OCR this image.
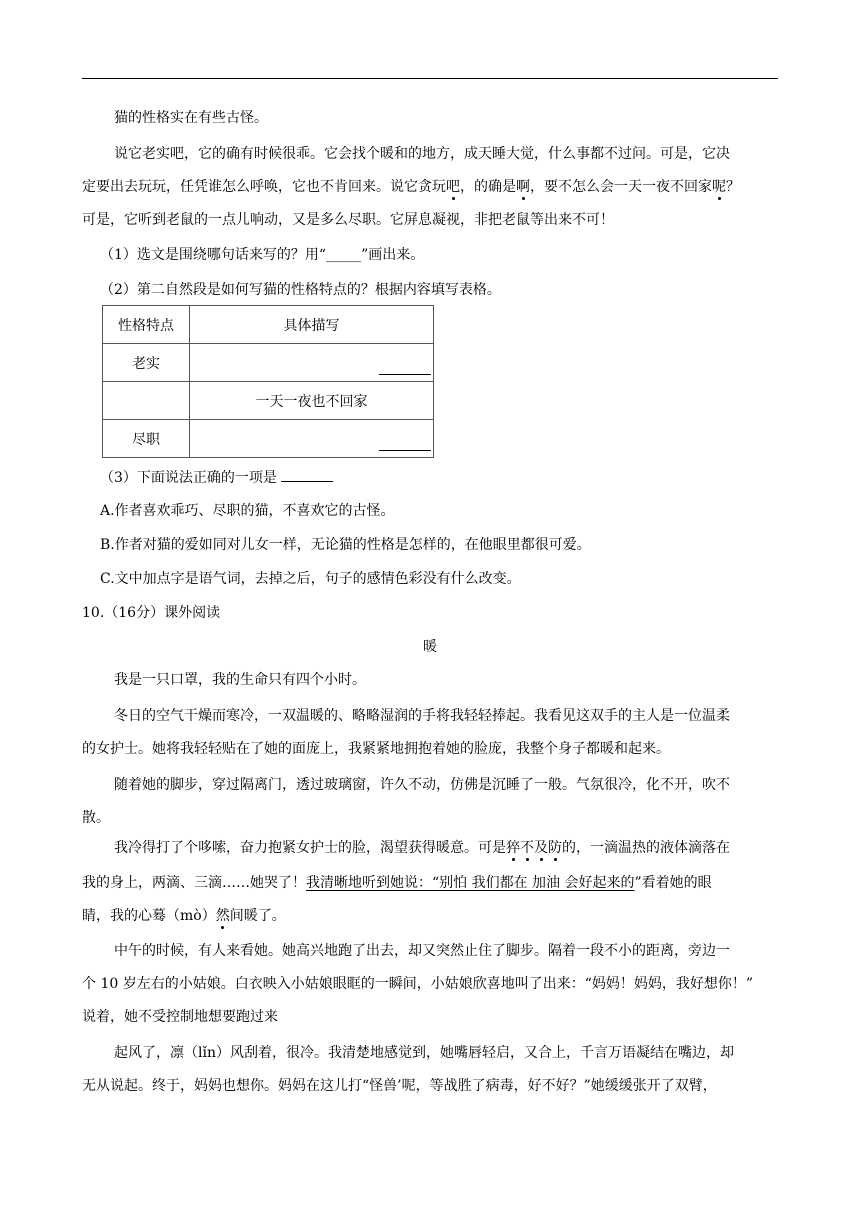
猫的性格实在有些古怪。
说它老实吧，它的确有时候很乖。它会找个暖和的地方，成天睡大觉，什么事都不过问。可是，它决
定要出去玩玩，任凭谁怎么呼唤，它也不肯回来。说它贪玩吧，的确是啊，要不怎么会一天一夜不回家呢？
可是，它听到老鼠的一点儿响动，又是多么尽职。它屏息凝视，非把老鼠等出来不可！
（1）选文是围绕哪句话来写的？用“_____”画出来。
（2）第二自然段是如何写猫的性格特点的？根据内容填写表格。
性格特点	具体描写
老实	

	一天一夜也不回家
尽职	
（3）下面说法正确的一项是
A.作者喜欢乖巧、尽职的猫，不喜欢它的古怪。
B.作者对猫的爱如同对儿女一样，无论猫的性格是怎样的，在他眼里都很可爱。
C.文中加点字是语气词，去掉之后，句子的感情色彩没有什么改变。
10.（16分）课外阅读
暖
我是一只口罩，我的生命只有四个小时。
冬日的空气干燥而寒冷，一双温暖的、略略湿润的手将我轻轻捧起。我看见这双手的主人是一位温柔
的女护士。她将我轻轻贴在了她的面庞上，我紧紧地拥抱着她的脸庞，我整个身子都暖和起来。
随着她的脚步，穿过隔离门，透过玻璃窗，许久不动，仿佛是沉睡了一般。气氛很冷，化不开，吹不
散。
我冷得打了个哆嗦，奋力抱紧女护士的脸，渴望获得暖意。可是猝不及防的，一滴温热的液体滴落在
我的身上，两滴、三滴……她哭了！我清晰地听到她说：“别怕 我们都在 加油 会好起来的”看着她的眼
睛，我的心蓦（mò）然间暖了。
中午的时候，有人来看她。她高兴地跑了出去，却又突然止住了脚步。隔着一段不小的距离，旁边一
个 10 岁左右的小姑娘。白衣映入小姑娘眼眶的一瞬间，小姑娘欣喜地叫了出来：“妈妈！妈妈，我好想你！”
说着，她不受控制地想要跑过来
起风了，凛（lǐn）风刮着，很冷。我清楚地感觉到，她嘴唇轻启，又合上，千言万语凝结在嘴边，却
无从说起。终于，妈妈也想你。妈妈在这儿打“怪兽’呢，等战胜了病毒，好不好？”她缓缓张开了双臂，
